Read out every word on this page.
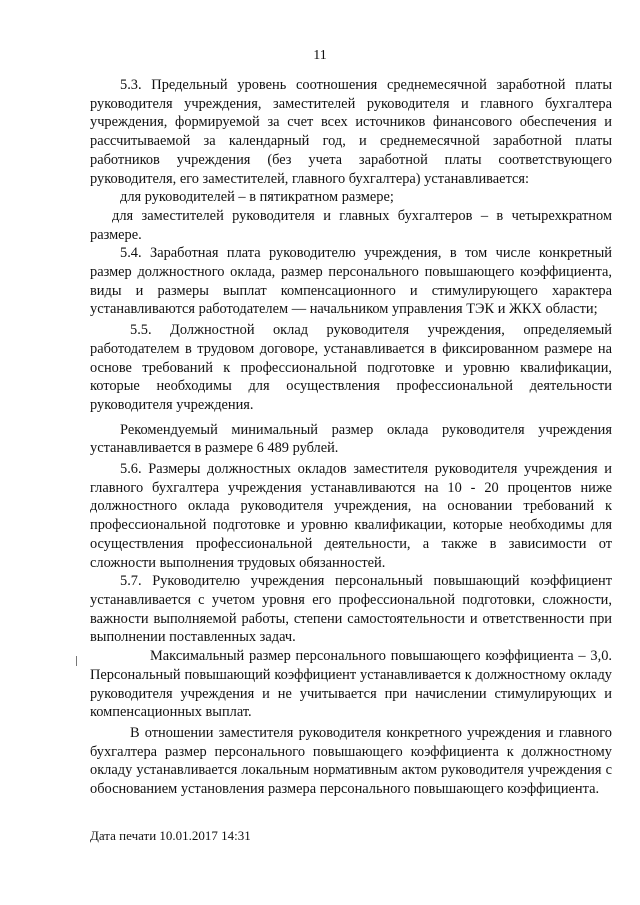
11

5.3. Предельный уровень соотношения среднемесячной заработной платы руководителя учреждения, заместителей руководителя и главного бухгалтера учреждения, формируемой за счет всех источников финансового обеспечения и рассчитываемой за календарный год, и среднемесячной заработной платы работников учреждения (без учета заработной платы соответствующего руководителя, его заместителей, главного бухгалтера) устанавливается:

для руководителей – в пятикратном размере;

для заместителей руководителя и главных бухгалтеров – в четырехкратном размере.

5.4. Заработная плата руководителю учреждения, в том числе конкретный размер должностного оклада, размер персонального повышающего коэффициента, виды и размеры выплат компенсационного и стимулирующего характера устанавливаются работодателем — начальником управления ТЭК и ЖКХ области;

5.5. Должностной оклад руководителя учреждения, определяемый работодателем в трудовом договоре, устанавливается в фиксированном размере на основе требований к профессиональной подготовке и уровню квалификации, которые необходимы для осуществления профессиональной деятельности руководителя учреждения.

Рекомендуемый минимальный размер оклада руководителя учреждения устанавливается в размере 6 489 рублей.

5.6. Размеры должностных окладов заместителя руководителя учреждения и главного бухгалтера учреждения устанавливаются на 10 - 20 процентов ниже должностного оклада руководителя учреждения, на основании требований к профессиональной подготовке и уровню квалификации, которые необходимы для осуществления профессиональной деятельности, а также в зависимости от сложности выполнения трудовых обязанностей.

5.7. Руководителю учреждения персональный повышающий коэффициент устанавливается с учетом уровня его профессиональной подготовки, сложности, важности выполняемой работы, степени самостоятельности и ответственности при выполнении поставленных задач.

Максимальный размер персонального повышающего коэффициента – 3,0. Персональный повышающий коэффициент устанавливается к должностному окладу руководителя учреждения и не учитывается при начислении стимулирующих и компенсационных выплат.

В отношении заместителя руководителя конкретного учреждения и главного бухгалтера размер персонального повышающего коэффициента к должностному окладу устанавливается локальным нормативным актом руководителя учреждения с обоснованием установления размера персонального повышающего коэффициента.

Дата печати 10.01.2017 14:31
